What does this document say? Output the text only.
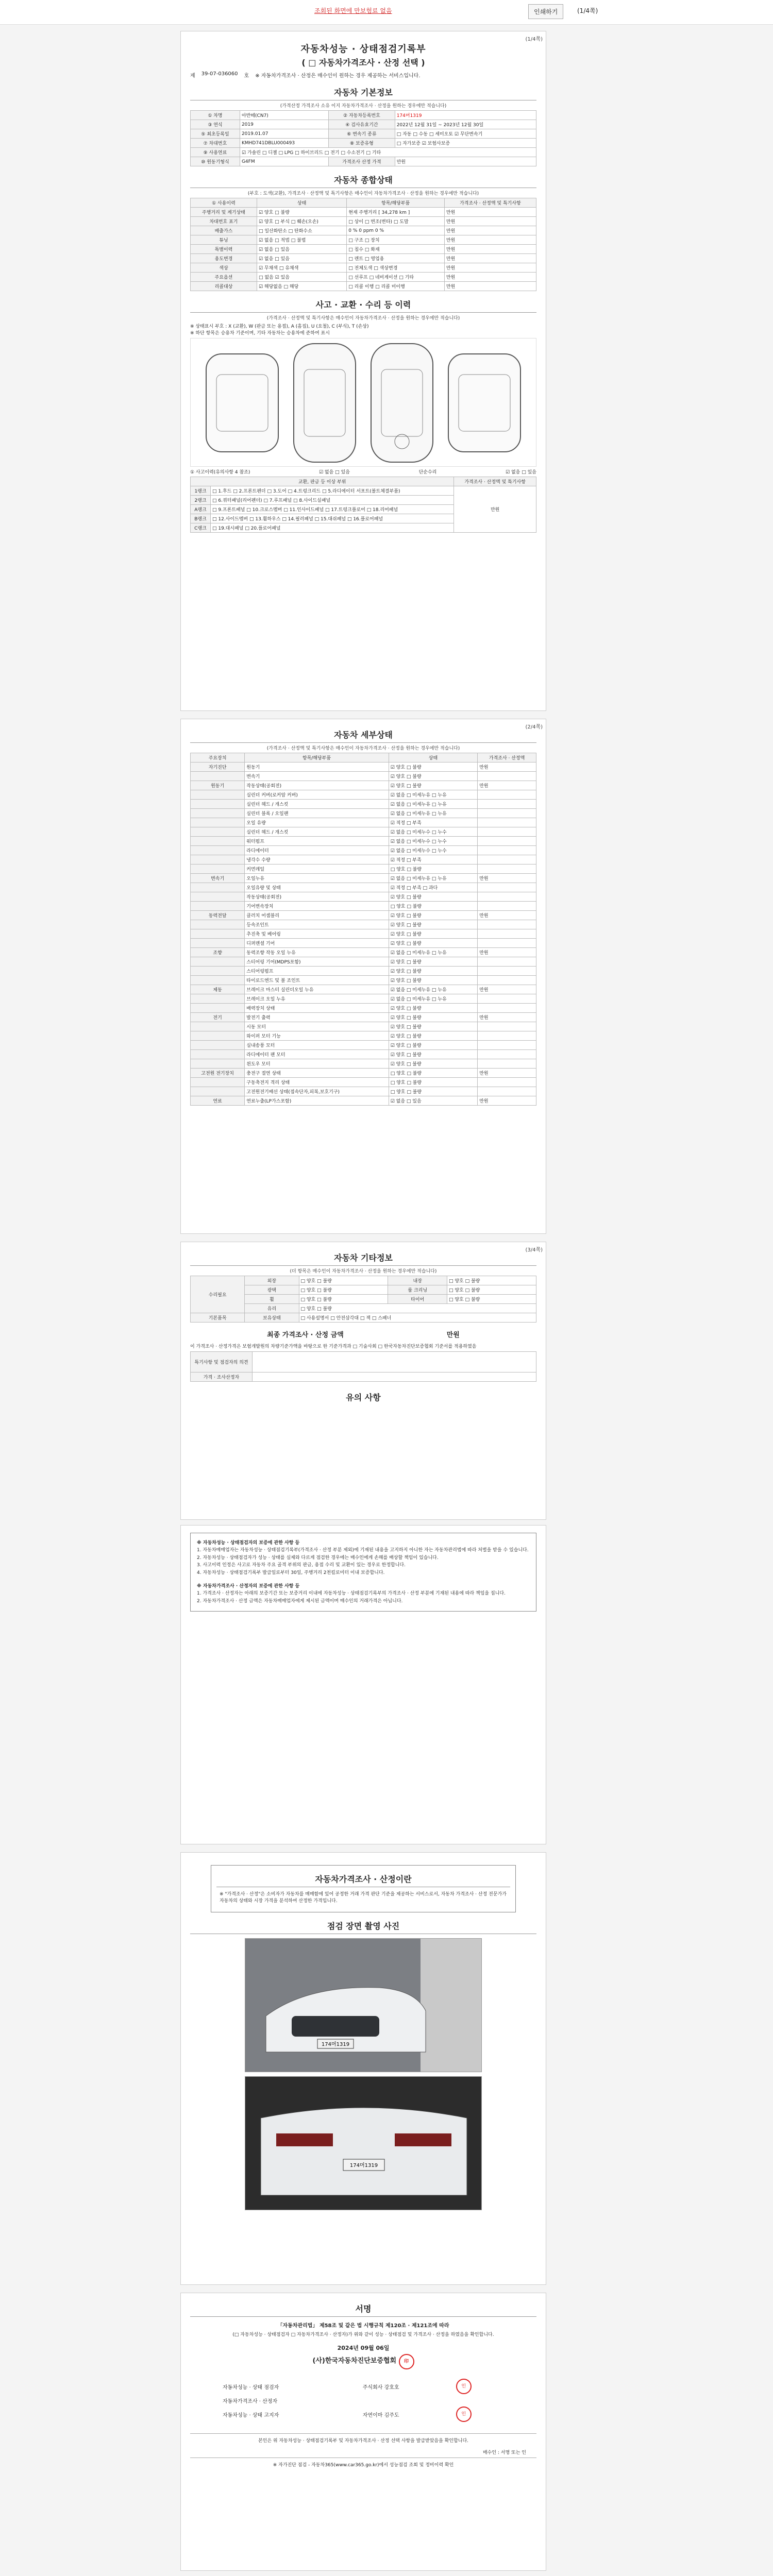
조회된 화면에 만보험료 없음	인쇄하기	(1/4쪽)
(1/4쪽)
자동차성능 · 상태점검기록부
( □ 자동차가격조사 · 산정 선택 )
제 39-07-036060 호 ※ 자동차가격조사 · 산정은 매수인이 원하는 경우 제공하는 서비스입니다.
자동차 기본정보
(가격산정 가격조사 소유 이지 자동차가격조사 · 산정을 원하는 경우에만 적습니다)
① 차명	아반떼(CN7)	② 자동차등록번호	174머1319
③ 연식	2019	④ 검사유효기간	2022년 12월 31일 ~ 2023년 12월 30일
⑤ 최초등록일	2019.01.07	⑥ 변속기 종류	□ 자동 □ 수동 □ 세미오토 ☑ 무단변속기
⑦ 차대번호	KMHD741DBLU000493	⑧ 보증유형	□ 자가보증 ☑ 보험사보증
⑨ 사용연료	☑ 가솔린 □ 디젤 □ LPG □ 하이브리드 □ 전기 □ 수소전기 □ 기타		
⑩ 원동기형식	G4FM	가격조사 산정 가격	만원
자동차 종합상태
(부호 : 도색(교환), 가격조사 · 산정액 및 특기사항은 매수인이 자동차가격조사 · 산정을 원하는 경우에만 적습니다)
① 사용이력	상태	항목/해당부품	가격조사 · 산정액 및 특기사항
주행거리 및 계기상태	☑ 양호 □ 불량	현재 주행거리 [ 34,278 km ]	만원
차대번호 표기	☑ 양호 □ 부식 □ 훼손(오손)	□ 상이 □ 변조(변타) □ 도말	만원
배출가스	□ 일산화탄소 □ 탄화수소	0 % 0 ppm 0 %	만원
튜닝	☑ 없음 □ 적법 □ 불법	□ 구조 □ 장치	만원
특별이력	☑ 없음 □ 있음	□ 침수 □ 화재	만원
용도변경	☑ 없음 □ 있음	□ 렌트 □ 영업용	만원
색상	☑ 무채색 □ 유채색	□ 전체도색 □ 색상변경	만원
주요옵션	□ 없음 ☑ 있음	□ 선루프 □ 네비게이션 □ 기타	만원
리콜대상	☑ 해당없음 □ 해당	□ 리콜 이행 □ 리콜 미이행	만원
사고 · 교환 · 수리 등 이력
(가격조사 · 산정액 및 특기사항은 매수인이 자동차가격조사 · 산정을 원하는 경우에만 적습니다)
※ 상태표시 부호 : X (교환), W (판금 또는 용접), A (흠집), U (요철), C (부식), T (손상)
※ 하단 항목은 승용차 기준이며, 기타 자동차는 승용차에 준하여 표시
① 사고이력(유의사항 4 참조)	☑ 없음 □ 있음	단순수리	☑ 없음 □ 있음
교환, 판금 등 이상 부위		가격조사 · 산정액 및 특기사항
1랭크	□ 1.후드 □ 2.프론트펜더 □ 3.도어 □ 4.트렁크리드 □ 5.라디에이터 서포트(볼트체결부품)	만원
2랭크	□ 6.쿼터패널(리어펜더) □ 7.루프패널 □ 8.사이드실패널	
A랭크	□ 9.프론트패널 □ 10.크로스멤버 □ 11.인사이드패널 □ 17.트렁크플로어 □ 18.리어패널	
B랭크	□ 12.사이드멤버 □ 13.휠하우스 □ 14.필러패널 □ 15.대쉬패널 □ 16.플로어패널	
C랭크	□ 19.대시패널 □ 20.플로어패널	
(2/4쪽)
자동차 세부상태
(가격조사 · 산정액 및 특기사항은 매수인이 자동차가격조사 · 산정을 원하는 경우에만 적습니다)
주요장치	항목/해당부품	상태	가격조사 · 산정액
자기진단	원동기	☑ 양호 □ 불량	만원
	변속기	☑ 양호 □ 불량	
원동기	작동상태(공회전)	☑ 양호 □ 불량	만원
	실린더 커버(로커암 커버)	☑ 없음 □ 미세누유 □ 누유	
	실린더 헤드 / 개스킷	☑ 없음 □ 미세누유 □ 누유	
	실린더 블록 / 오일팬	☑ 없음 □ 미세누유 □ 누유	
	오일 유량	☑ 적정 □ 부족	
	실린더 헤드 / 개스킷	☑ 없음 □ 미세누수 □ 누수	
	워터펌프	☑ 없음 □ 미세누수 □ 누수	
	라디에이터	☑ 없음 □ 미세누수 □ 누수	
	냉각수 수량	☑ 적정 □ 부족	
	커먼레일	□ 양호 □ 불량	
변속기	오일누유	☑ 없음 □ 미세누유 □ 누유	만원
	오일유량 및 상태	☑ 적정 □ 부족 □ 과다	
	작동상태(공회전)	☑ 양호 □ 불량	
	기어변속장치	□ 양호 □ 불량	
동력전달	클러치 어셈블리	☑ 양호 □ 불량	만원
	등속조인트	☑ 양호 □ 불량	
	추진축 및 베어링	☑ 양호 □ 불량	
	디퍼렌셜 기어	☑ 양호 □ 불량	
조향	동력조향 작동 오일 누유	☑ 없음 □ 미세누유 □ 누유	만원
	스티어링 기어(MDPS포함)	☑ 양호 □ 불량	
	스티어링펌프	☑ 양호 □ 불량	
	타이로드엔드 및 볼 조인트	☑ 양호 □ 불량	
제동	브레이크 마스터 실린더오일 누유	☑ 없음 □ 미세누유 □ 누유	만원
	브레이크 오일 누유	☑ 없음 □ 미세누유 □ 누유	
	배력장치 상태	☑ 양호 □ 불량	
전기	발전기 출력	☑ 양호 □ 불량	만원
	시동 모터	☑ 양호 □ 불량	
	와이퍼 모터 기능	☑ 양호 □ 불량	
	실내송풍 모터	☑ 양호 □ 불량	
	라디에이터 팬 모터	☑ 양호 □ 불량	
	윈도우 모터	☑ 양호 □ 불량	
고전원 전기장치	충전구 절연 상태	□ 양호 □ 불량	만원
	구동축전지 격리 상태	□ 양호 □ 불량	
	고전원전기배선 상태(접속단자,피복,보호기구)	□ 양호 □ 불량	
연료	연료누출(LP가스포함)	☑ 없음 □ 있음	만원
(3/4쪽)
자동차 기타정보
(더 항목은 매수인이 자동차가격조사 · 산정을 원하는 경우에만 적습니다)
수리필요	외장	□ 양호 □ 불량	내장	□ 양호 □ 불량
	광택	□ 양호 □ 불량	룸 크리닝	□ 양호 □ 불량
	휠	□ 양호 □ 불량	타이어	□ 양호 □ 불량
	유리	□ 양호 □ 불량		
기본품목	보유상태	□ 사용설명서 □ 안전삼각대 □ 잭 □ 스패너		
최종 가격조사 · 산정 금액	만원
이 가격조사 · 산정가격은 보험개발원의 차량기준가액을 바탕으로 한 기준가격과 □ 기술사회 □ 한국자동차진단보증협회 기준서를 적용하였음
특기사항 및 점검자의 의견	
가격 · 조사산정자	
유의 사항
※ 자동차성능 · 상태점검자의 보증에 관한 사항 등
1. 자동차매매업자는 자동차성능 · 상태점검기록부(가격조사 · 산정 부분 제외)에 기재된 내용을 고지하지 아니한 자는 자동차관리법에 따라 처벌을 받을 수 있습니다.
2. 자동차성능 · 상태점검자가 성능 · 상태를 실제와 다르게 점검한 경우에는 매수인에게 손해를 배상할 책임이 있습니다.
3. 사고이력 인정은 사고로 자동차 주요 골격 부위의 판금, 용접 수리 및 교환이 있는 경우로 한정합니다.
4. 자동차성능 · 상태점검기록부 발급일로부터 30일, 주행거리 2천킬로미터 이내 보증합니다.
※ 자동차가격조사 · 산정자의 보증에 관한 사항 등
1. 가격조사 · 산정자는 아래의 보증기간 또는 보증거리 이내에 자동차성능 · 상태점검기록부의 가격조사 · 산정 부분에 기재된 내용에 따라 책임을 집니다.
2. 자동차가격조사 · 산정 금액은 자동차매매업자에게 제시된 금액이며 매수인의 거래가격은 아닙니다.
자동차가격조사 · 산정이란
※ "가격조사 · 산정"은 소비자가 자동차를 매매함에 있어 공정한 거래 가격 판단 기준을 제공하는 서비스로서, 자동차 가격조사 · 산정 전문가가 자동차의 상태와 시장 가격을 분석하여 산정한 가격입니다.
점검 장면 촬영 사진
174머1319
174머1319
서명
「자동차관리법」 제58조 및 같은 법 시행규칙 제120조 · 제121조에 따라
(□ 자동차성능 · 상태점검자 □ 자동차가격조사 · 산정자)가 위와 같이 성능 · 상태점검 및 가격조사 · 산정을 하였음을 확인합니다.
2024년 09월 06일
(사)한국자동차진단보증협회 印
자동차성능 · 상태 점검자	주식회사 강호호	인
자동차가격조사 · 산정자		
자동차성능 · 상태 고지자	자연이마 김주도	인
본인은 위 자동차성능 · 상태점검기록부 및 자동차가격조사 · 산정 선택 사항을 발급받았음을 확인합니다.
매수인 : 서명 또는 인
※ 자가진단 점검 - 자동차365(www.car365.go.kr)에서 성능점검 조회 및 정비이력 확인
